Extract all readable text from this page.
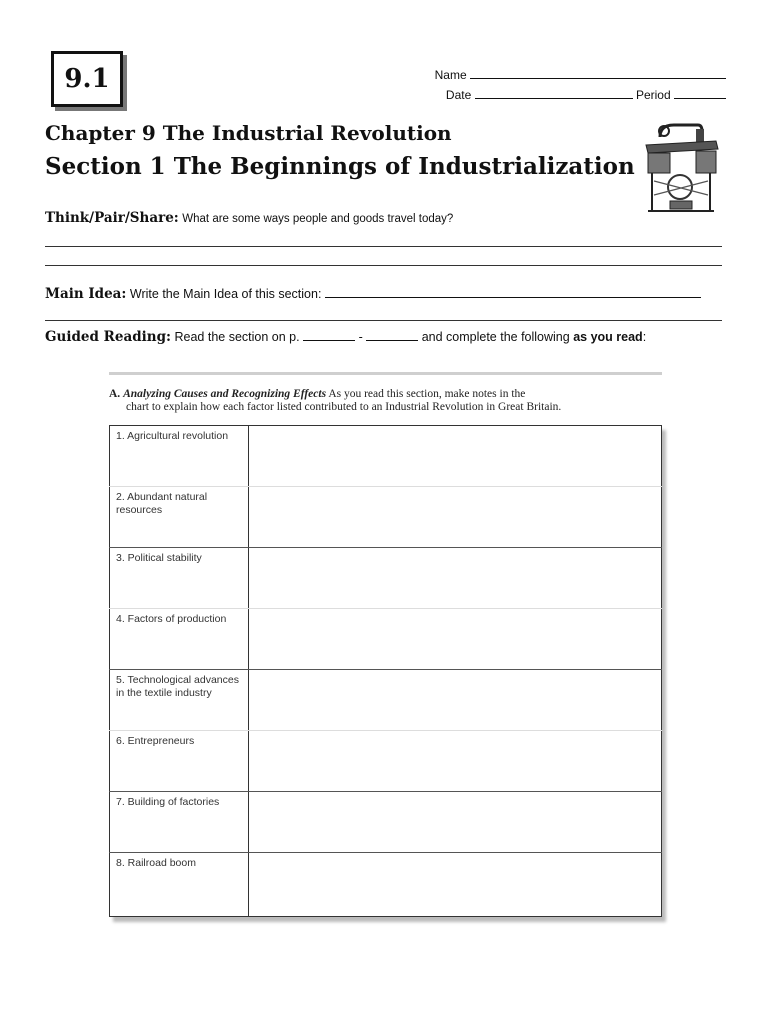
9.1	Name
Date	Period
Chapter 9 The Industrial Revolution
Section 1 The Beginnings of Industrialization
Think/Pair/Share: What are some ways people and goods travel today?
Main Idea: Write the Main Idea of this section:
Guided Reading: Read the section on p.	-	and complete the following as you read:
A. Analyzing Causes and Recognizing Effects As you read this section, make notes in the
chart to explain how each factor listed contributed to an Industrial Revolution in Great Britain.
1. Agricultural revolution	
2. Abundant natural resources	
3. Political stability	
4. Factors of production	
5. Technological advances in the textile industry	
6. Entrepreneurs	
7. Building of factories	
8. Railroad boom	
